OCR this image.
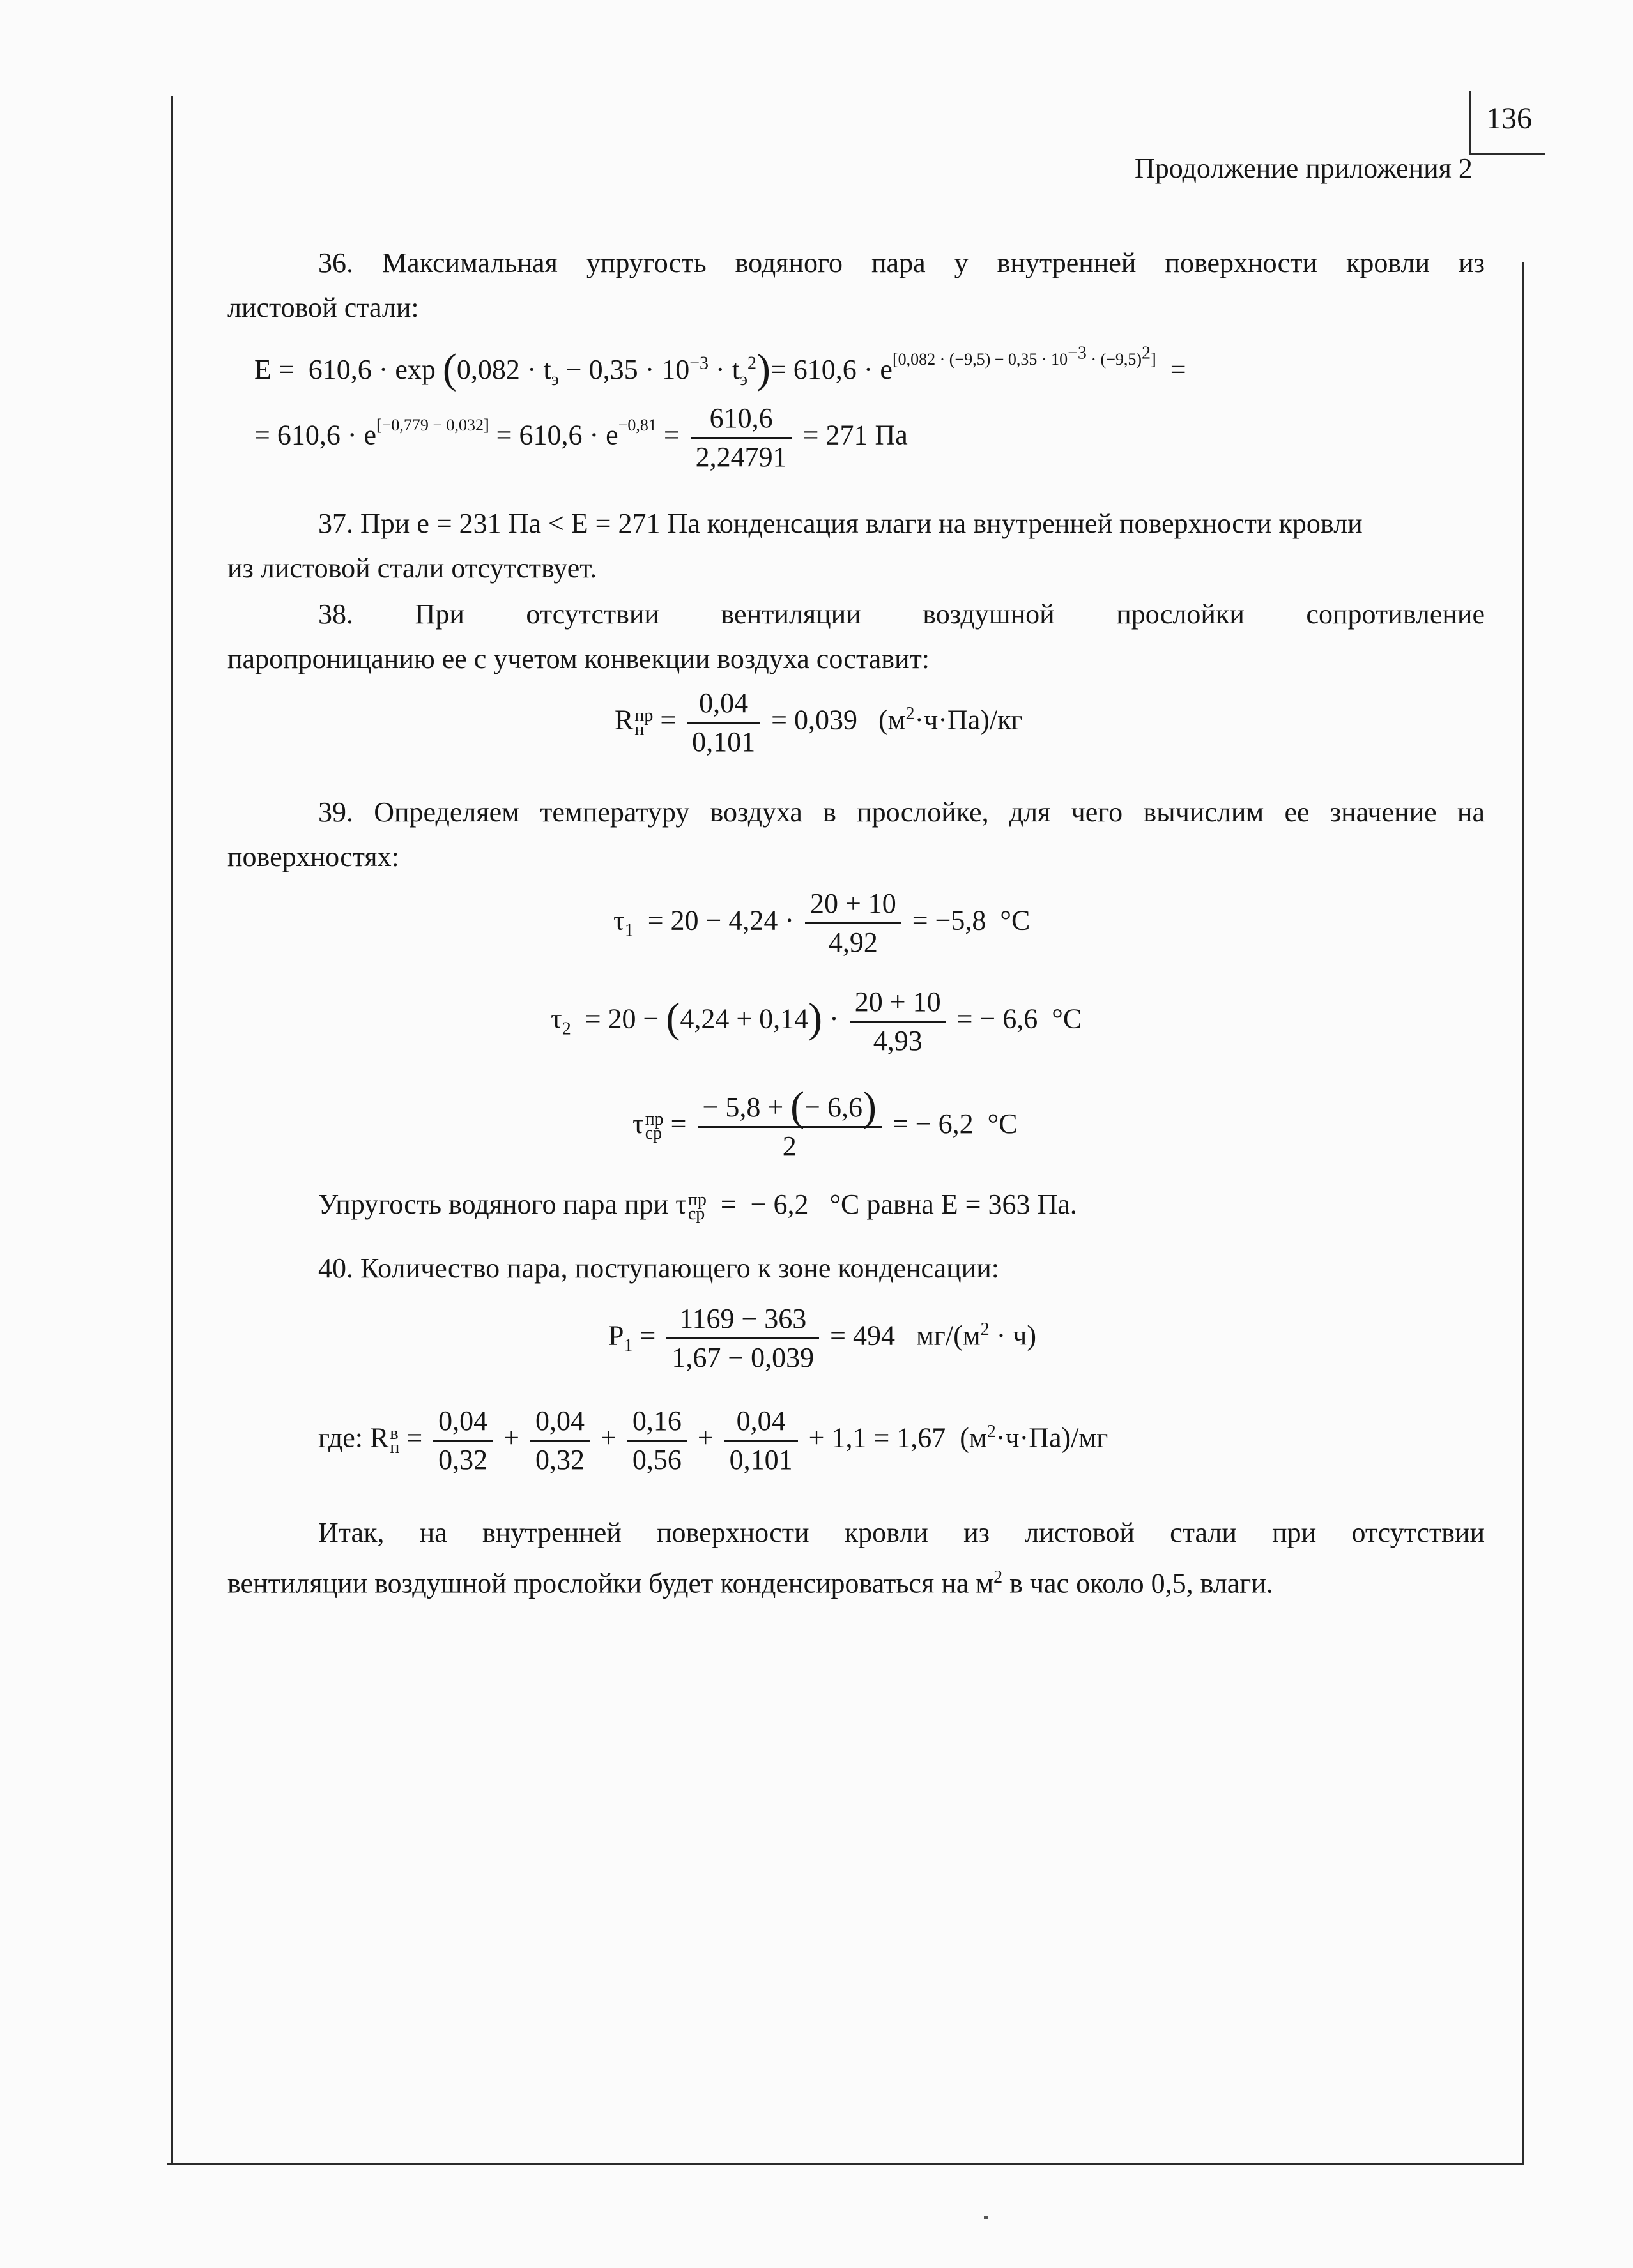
136
Продолжение приложения 2
36. Максимальная упругость водяного пара у внутренней поверхности кровли из
листовой стали:
$E = 610,6 \cdot \exp (0,082 \cdot t_э - 0,35 \cdot 10^{-3} \cdot t_э^2)= 610,6 \cdot e[0,082 \cdot (-9,5) - 0,35 \cdot 10-3 \cdot (-9,5)2]$  =
= $610,6 \cdot e[-0,779 - 0,032] = 610,6 \cdot e^{-0,81} = \frac{610,6}{2,24791} = 271$ Па
37. При е = 231 Па < Е = 271 Па конденсация влаги на внутренней поверхности кровли
из листовой стали отсутствует.
38. При отсутствии вентиляции воздушной прослойки сопротивление
паропроницанию ее с учетом конвекции воздуха составит:
Rпр
$н = \frac{0,04}{0,101} = 0,039$   $(м^2\cdot ч\cdot Па)/кг$
39. Определяем температуру воздуха в прослойке, для чего вычислим ее значение на
поверхностях:
$\tau_1 = 20 - 4,24 \cdot \frac{20 + 10}{4,92} = -5,8$  °C
$\tau_2 = 20 - (4,24 + 0,14) \cdot \frac{20 + 10}{4,93}$ = − 6,6  °C
τпр
ср = $\frac{- 5,8 + (- 6,6)}{2}$ = − 6,2  °C
Упругость водяного пара при τпр
ср  =  − 6,2   °C равна Е = 363 Па.
40. Количество пара, поступающего к зоне конденсации:
$P_1 = \frac{1169 - 363}{1,67 - 0,039} = 494$   $мг/(м^2 \cdot ч)$
где: Rв
$п = \frac{0,04}{0,32} + \frac{0,04}{0,32} + \frac{0,16}{0,56} + \frac{0,04}{0,101} + 1,1 = 1,67$  $(м^2\cdot ч\cdot Па)/мг$
Итак, на внутренней поверхности кровли из листовой стали при отсутствии
вентиляции воздушной прослойки будет конденсироваться на $м^2$ в час около 0,5, влаги.
